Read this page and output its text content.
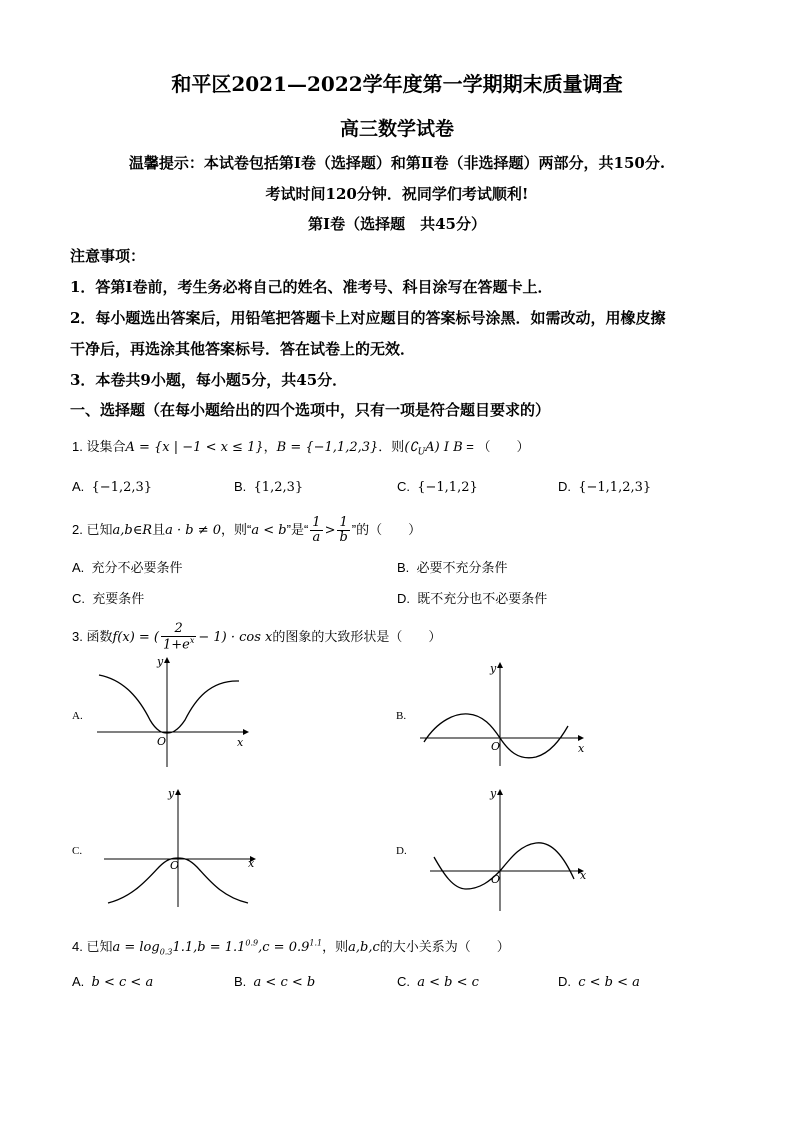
和平区2021—2022学年度第一学期期末质量调查
高三数学试卷
温馨提示：本试卷包括第Ⅰ卷（选择题）和第Ⅱ卷（非选择题）两部分，共150分.
考试时间120分钟．祝同学们考试顺利!
第Ⅰ卷（选择题　共45分）
注意事项：
1．答第Ⅰ卷前，考生务必将自己的姓名、准考号、科目涂写在答题卡上．
2．每小题选出答案后，用铅笔把答题卡上对应题目的答案标号涂黑．如需改动，用橡皮擦
干净后，再选涂其他答案标号．答在试卷上的无效．
3．本卷共9小题，每小题5分，共45分．
一、选择题（在每小题给出的四个选项中，只有一项是符合题目要求的）
1. 设集合A = {x | −1 < x ≤ 1}，B = {−1,1,2,3}．则$(∁_UA)$ I B = （　　）
A. {−1,2,3}	B. {1,2,3}	C. {−1,1,2}	D. {−1,1,2,3}
2. 已知a,b∈R且a · b ≠ 0，则“a < b”是“ $\frac{1}{a} > \frac{1}{b}$ ”的（　　）
A. 充分不必要条件	B. 必要不充分条件
C. 充要条件	D. 既不充分也不必要条件
3. 函数f(x) = ( $\frac{2}{1+e^x} - 1) \cdot \cos x$的图象的大致形状是（　　）
A.	B.
C.	D.
O	x
y
O	x
y
O	x
y
O	x
y
4. 已知$a = \log_{0.3}1.1,b = 1.1^{0.9},c = 0.9^{1.1}$，则a,b,c的大小关系为（　　）
A. b < c < a	B. a < c < b	C. a < b < c	D. c < b < a
